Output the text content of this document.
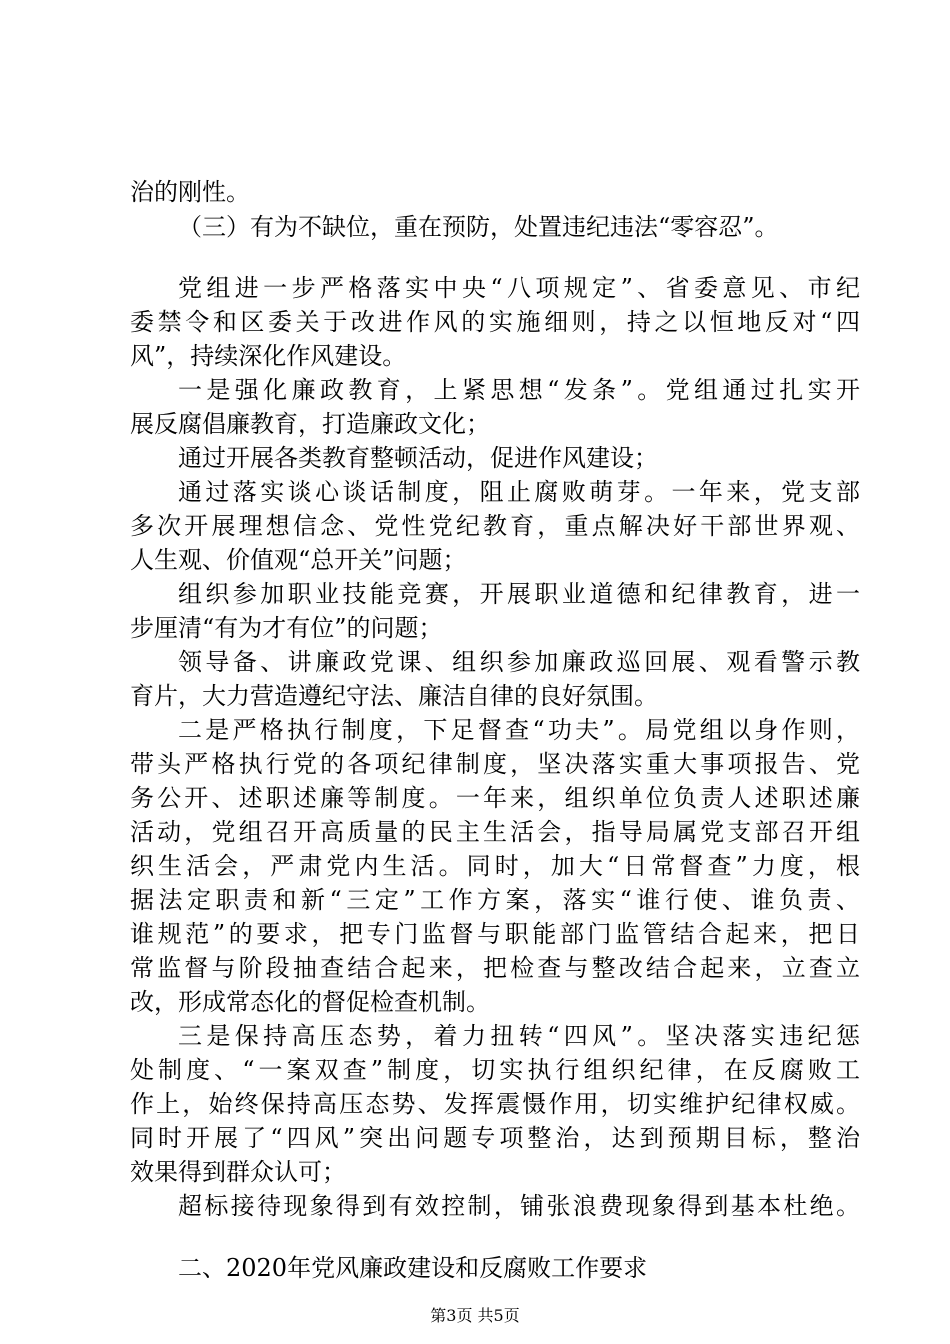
治的刚性。
（三）有为不缺位，重在预防，处置违纪违法“零容忍”。
党组进一步严格落实中央“八项规定”、省委意见、市纪
委禁令和区委关于改进作风的实施细则，持之以恒地反对“四
风”，持续深化作风建设。
一是强化廉政教育，上紧思想“发条”。党组通过扎实开
展反腐倡廉教育，打造廉政文化；
通过开展各类教育整顿活动，促进作风建设；
通过落实谈心谈话制度，阻止腐败萌芽。一年来，党支部
多次开展理想信念、党性党纪教育，重点解决好干部世界观、
人生观、价值观“总开关”问题；
组织参加职业技能竞赛，开展职业道德和纪律教育，进一
步厘清“有为才有位”的问题；
领导备、讲廉政党课、组织参加廉政巡回展、观看警示教
育片，大力营造遵纪守法、廉洁自律的良好氛围。
二是严格执行制度，下足督查“功夫”。局党组以身作则，
带头严格执行党的各项纪律制度，坚决落实重大事项报告、党
务公开、述职述廉等制度。一年来，组织单位负责人述职述廉
活动，党组召开高质量的民主生活会，指导局属党支部召开组
织生活会，严肃党内生活。同时，加大“日常督查”力度，根
据法定职责和新“三定”工作方案，落实“谁行使、谁负责、
谁规范”的要求，把专门监督与职能部门监管结合起来，把日
常监督与阶段抽查结合起来，把检查与整改结合起来，立查立
改，形成常态化的督促检查机制。
三是保持高压态势，着力扭转“四风”。坚决落实违纪惩
处制度、“一案双查”制度，切实执行组织纪律，在反腐败工
作上，始终保持高压态势、发挥震慑作用，切实维护纪律权威。
同时开展了“四风”突出问题专项整治，达到预期目标，整治
效果得到群众认可；
超标接待现象得到有效控制，铺张浪费现象得到基本杜绝。
二、2020年党风廉政建设和反腐败工作要求
第3页 共5页
